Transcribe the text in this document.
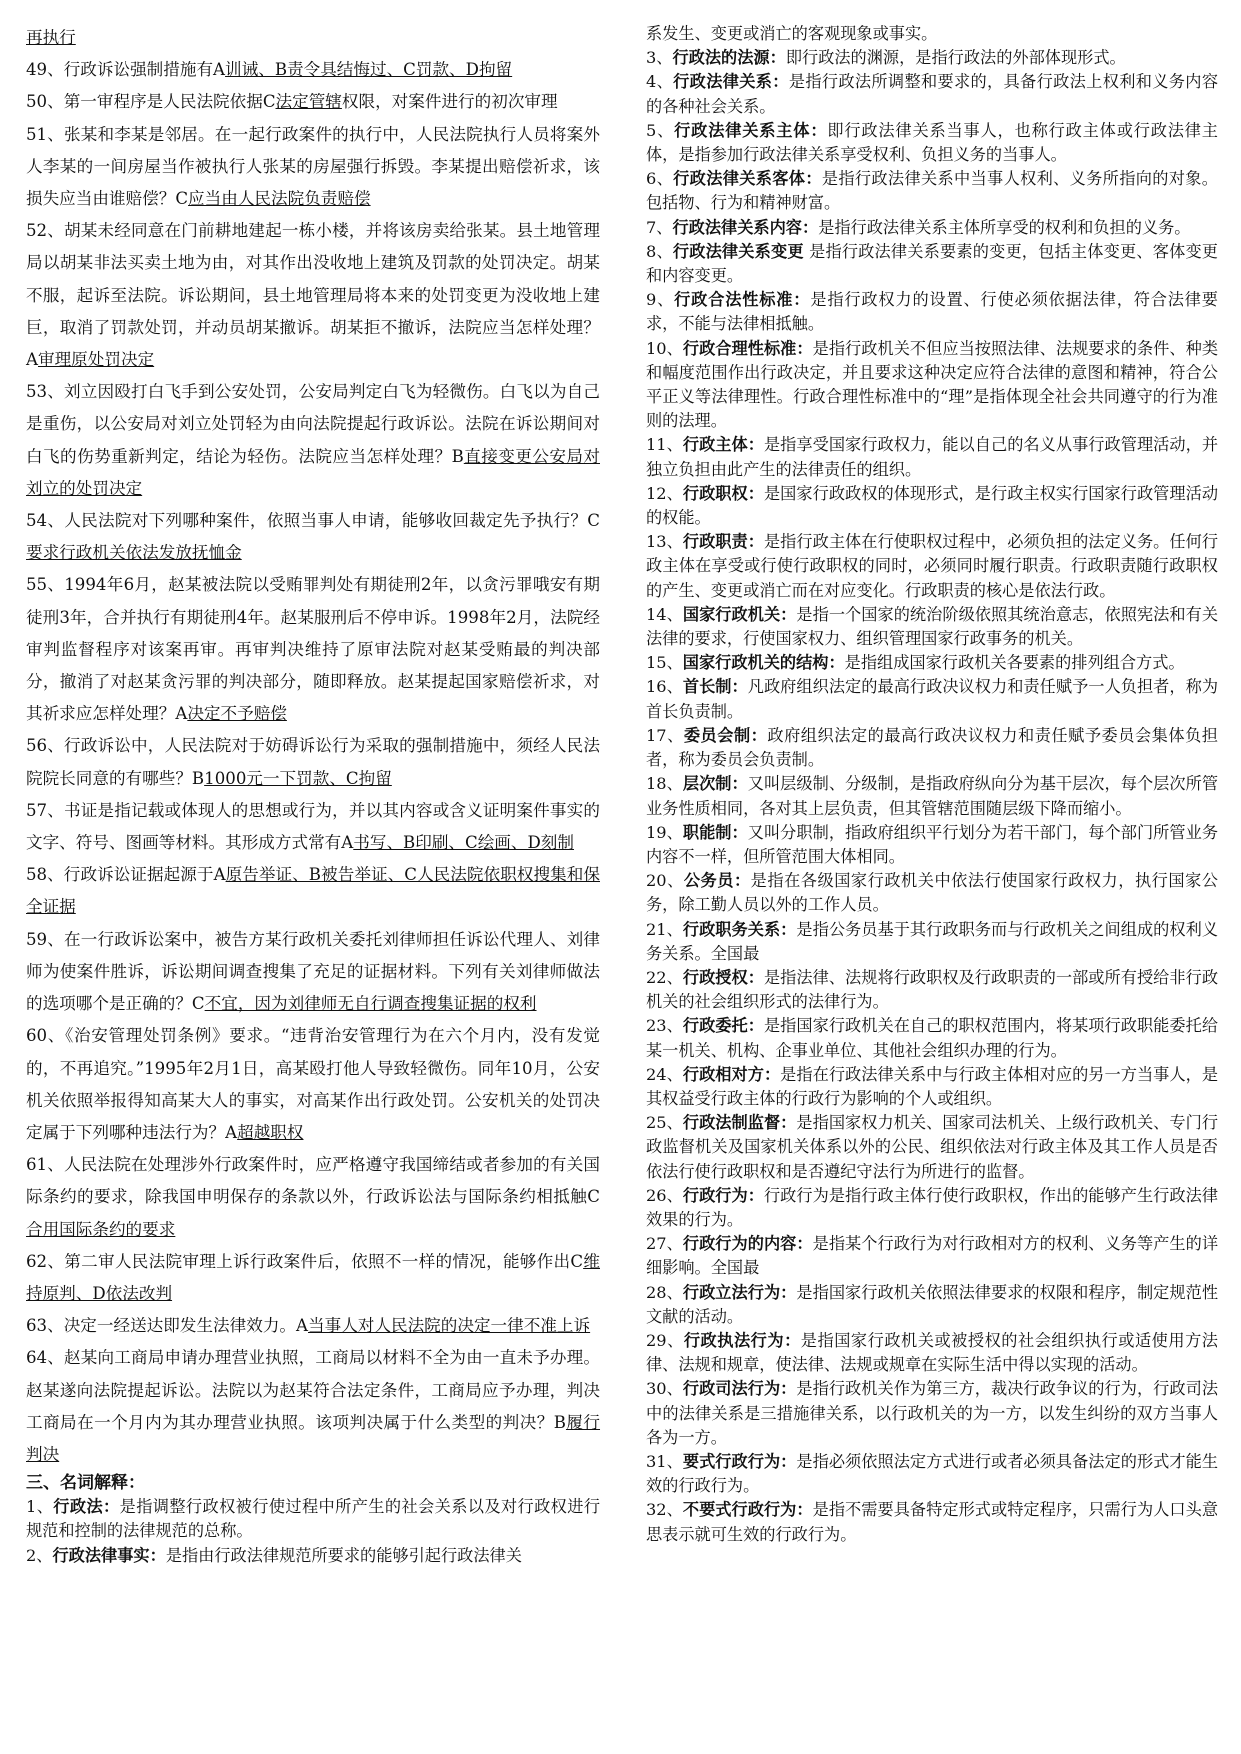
再执行

49、行政诉讼强制措施有A训诫、B责令具结悔过、C罚款、D拘留

50、第一审程序是人民法院依据C法定管辖权限，对案件进行的初次审理

51、张某和李某是邻居。在一起行政案件的执行中，人民法院执行人员将案外人李某的一间房屋当作被执行人张某的房屋强行拆毁。李某提出赔偿祈求，该损失应当由谁赔偿？C应当由人民法院负责赔偿

52、胡某未经同意在门前耕地建起一栋小楼，并将该房卖给张某。县土地管理局以胡某非法买卖土地为由，对其作出没收地上建筑及罚款的处罚决定。胡某不服，起诉至法院。诉讼期间，县土地管理局将本来的处罚变更为没收地上建巨，取消了罚款处罚，并动员胡某撤诉。胡某拒不撤诉，法院应当怎样处理？A审理原处罚决定

53、刘立因殴打白飞手到公安处罚，公安局判定白飞为轻微伤。白飞以为自己是重伤，以公安局对刘立处罚轻为由向法院提起行政诉讼。法院在诉讼期间对白飞的伤势重新判定，结论为轻伤。法院应当怎样处理？B直接变更公安局对刘立的处罚决定

54、人民法院对下列哪种案件，依照当事人申请，能够收回裁定先予执行？C要求行政机关依法发放抚恤金

55、1994年6月，赵某被法院以受贿罪判处有期徒刑2年，以贪污罪哦安有期徒刑3年，合并执行有期徒刑4年。赵某服刑后不停申诉。1998年2月，法院经审判监督程序对该案再审。再审判决维持了原审法院对赵某受贿最的判决部分，撤消了对赵某贪污罪的判决部分，随即释放。赵某提起国家赔偿祈求，对其祈求应怎样处理？A决定不予赔偿

56、行政诉讼中，人民法院对于妨碍诉讼行为采取的强制措施中，须经人民法院院长同意的有哪些？B1000元一下罚款、C拘留

57、书证是指记载或体现人的思想或行为，并以其内容或含义证明案件事实的文字、符号、图画等材料。其形成方式常有A书写、B印刷、C绘画、D刻制

58、行政诉讼证据起源于A原告举证、B被告举证、C人民法院依职权搜集和保全证据

59、在一行政诉讼案中，被告方某行政机关委托刘律师担任诉讼代理人、刘律师为使案件胜诉，诉讼期间调查搜集了充足的证据材料。下列有关刘律师做法的选项哪个是正确的？C不宜，因为刘律师无自行调查搜集证据的权利

60、《治安管理处罚条例》要求。“违背治安管理行为在六个月内，没有发觉的，不再追究。”1995年2月1日，高某殴打他人导致轻微伤。同年10月，公安机关依照举报得知高某大人的事实，对高某作出行政处罚。公安机关的处罚决定属于下列哪种违法行为？A超越职权

61、人民法院在处理涉外行政案件时，应严格遵守我国缔结或者参加的有关国际条约的要求，除我国申明保存的条款以外，行政诉讼法与国际条约相抵触C合用国际条约的要求

62、第二审人民法院审理上诉行政案件后，依照不一样的情况，能够作出C维持原判、D依法改判

63、决定一经送达即发生法律效力。A当事人对人民法院的决定一律不准上诉

64、赵某向工商局申请办理营业执照，工商局以材料不全为由一直未予办理。赵某遂向法院提起诉讼。法院以为赵某符合法定条件，工商局应予办理，判决工商局在一个月内为其办理营业执照。该项判决属于什么类型的判决？B履行判决

三、名词解释：

1、行政法：是指调整行政权被行使过程中所产生的社会关系以及对行政权进行规范和控制的法律规范的总称。

2、行政法律事实：是指由行政法律规范所要求的能够引起行政法律关

系发生、变更或消亡的客观现象或事实。

3、行政法的法源：即行政法的渊源，是指行政法的外部体现形式。

4、行政法律关系：是指行政法所调整和要求的，具备行政法上权利和义务内容的各种社会关系。

5、行政法律关系主体：即行政法律关系当事人，也称行政主体或行政法律主体，是指参加行政法律关系享受权利、负担义务的当事人。

6、行政法律关系客体：是指行政法律关系中当事人权利、义务所指向的对象。包括物、行为和精神财富。

7、行政法律关系内容：是指行政法律关系主体所享受的权利和负担的义务。

8、行政法律关系变更 是指行政法律关系要素的变更，包括主体变更、客体变更和内容变更。

9、行政合法性标准：是指行政权力的设置、行使必须依据法律，符合法律要求，不能与法律相抵触。

10、行政合理性标准：是指行政机关不但应当按照法律、法规要求的条件、种类和幅度范围作出行政决定，并且要求这种决定应符合法律的意图和精神，符合公平正义等法律理性。行政合理性标准中的“理”是指体现全社会共同遵守的行为准则的法理。

11、行政主体：是指享受国家行政权力，能以自己的名义从事行政管理活动，并独立负担由此产生的法律责任的组织。

12、行政职权：是国家行政政权的体现形式，是行政主权实行国家行政管理活动的权能。

13、行政职责：是指行政主体在行使职权过程中，必须负担的法定义务。任何行政主体在享受或行使行政职权的同时，必须同时履行职责。行政职责随行政职权的产生、变更或消亡而在对应变化。行政职责的核心是依法行政。

14、国家行政机关：是指一个国家的统治阶级依照其统治意志，依照宪法和有关法律的要求，行使国家权力、组织管理国家行政事务的机关。

15、国家行政机关的结构：是指组成国家行政机关各要素的排列组合方式。

16、首长制：凡政府组织法定的最高行政决议权力和责任赋予一人负担者，称为首长负责制。

17、委员会制：政府组织法定的最高行政决议权力和责任赋予委员会集体负担者，称为委员会负责制。

18、层次制：又叫层级制、分级制，是指政府纵向分为基干层次，每个层次所管业务性质相同，各对其上层负责，但其管辖范围随层级下降而缩小。

19、职能制：又叫分职制，指政府组织平行划分为若干部门，每个部门所管业务内容不一样，但所管范围大体相同。

20、公务员：是指在各级国家行政机关中依法行使国家行政权力，执行国家公务，除工勤人员以外的工作人员。

21、行政职务关系：是指公务员基于其行政职务而与行政机关之间组成的权利义务关系。全国最

22、行政授权：是指法律、法规将行政职权及行政职责的一部或所有授给非行政机关的社会组织形式的法律行为。

23、行政委托：是指国家行政机关在自己的职权范围内，将某项行政职能委托给某一机关、机构、企事业单位、其他社会组织办理的行为。

24、行政相对方：是指在行政法律关系中与行政主体相对应的另一方当事人，是其权益受行政主体的行政行为影响的个人或组织。

25、行政法制监督：是指国家权力机关、国家司法机关、上级行政机关、专门行政监督机关及国家机关体系以外的公民、组织依法对行政主体及其工作人员是否依法行使行政职权和是否遵纪守法行为所进行的监督。

26、行政行为：行政行为是指行政主体行使行政职权，作出的能够产生行政法律效果的行为。

27、行政行为的内容：是指某个行政行为对行政相对方的权利、义务等产生的详细影响。全国最

28、行政立法行为：是指国家行政机关依照法律要求的权限和程序，制定规范性文献的活动。

29、行政执法行为：是指国家行政机关或被授权的社会组织执行或适使用方法律、法规和规章，使法律、法规或规章在实际生活中得以实现的活动。

30、行政司法行为：是指行政机关作为第三方，裁决行政争议的行为，行政司法中的法律关系是三措施律关系，以行政机关的为一方，以发生纠纷的双方当事人各为一方。

31、要式行政行为：是指必须依照法定方式进行或者必须具备法定的形式才能生效的行政行为。

32、不要式行政行为：是指不需要具备特定形式或特定程序，只需行为人口头意思表示就可生效的行政行为。
